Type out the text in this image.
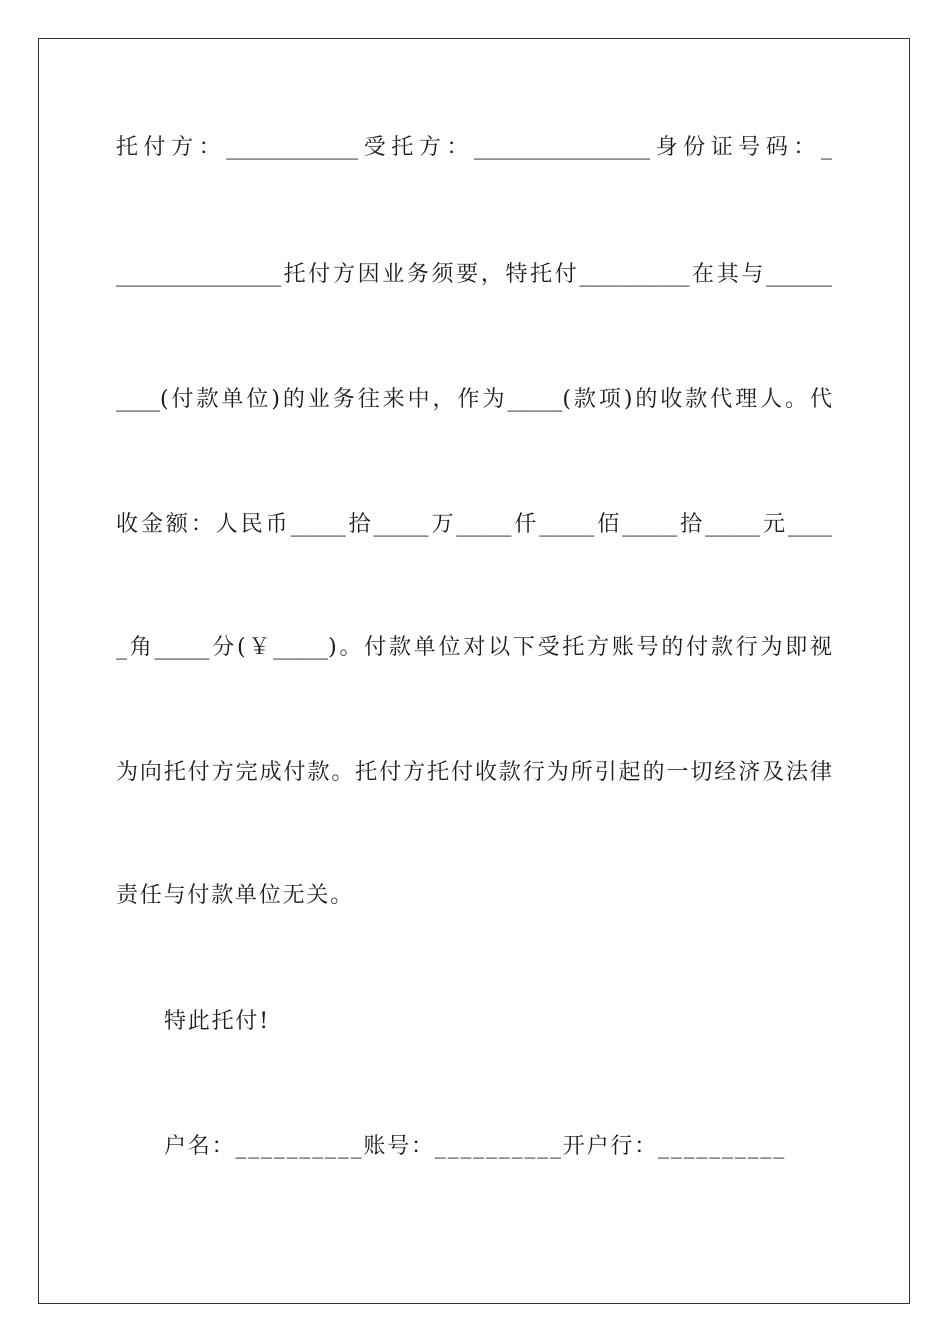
托付方：____________受托方：________________身份证号码：_
_______________托付方因业务须要，特托付__________在其与______
____(付款单位)的业务往来中，作为_____(款项)的收款代理人。代
收金额：人民币_____拾_____万_____仟_____佰_____拾_____元____
_角_____分(￥_____)。付款单位对以下受托方账号的付款行为即视
为向托付方完成付款。托付方托付收款行为所引起的一切经济及法律
责任与付款单位无关。
特此托付!
户名：__________账号：__________开户行：__________
